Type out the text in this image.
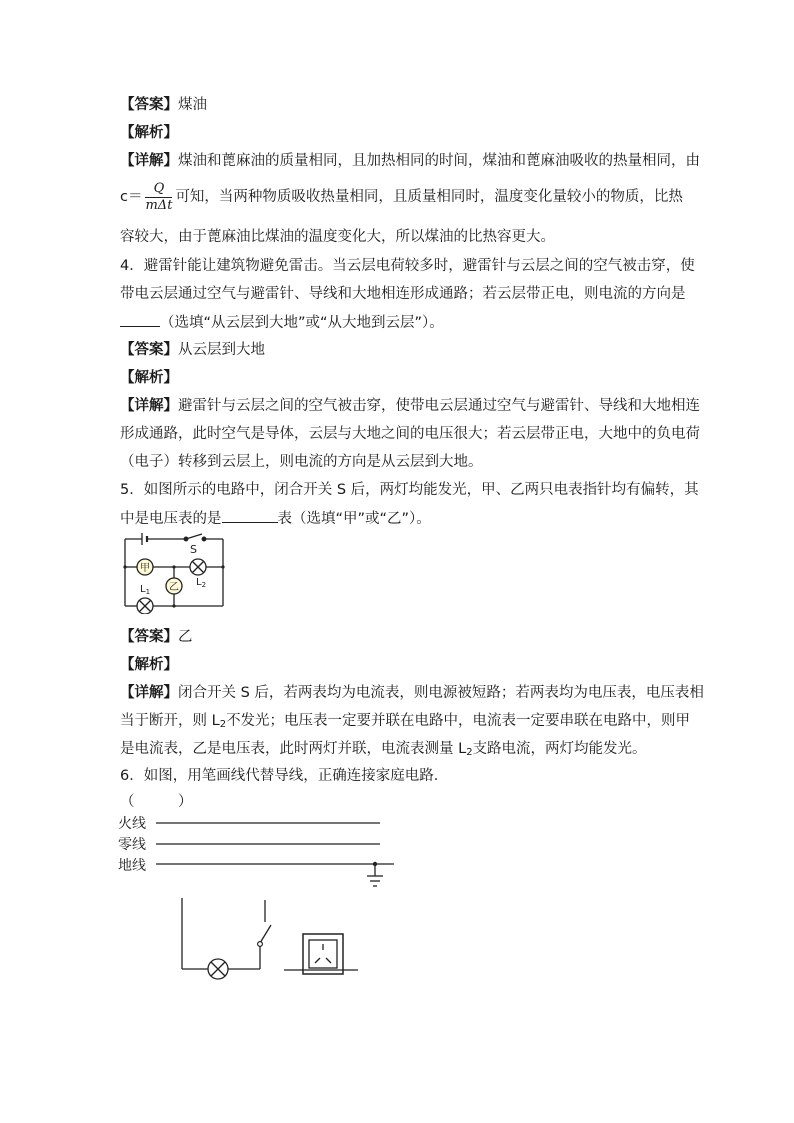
【答案】煤油
【解析】
【详解】煤油和蓖麻油的质量相同，且加热相同的时间，煤油和蓖麻油吸收的热量相同，由
$c= \frac{Q}{\text{mΔt}}$ 可知，当两种物质吸收热量相同，且质量相同时，温度变化量较小的物质，比热
容较大，由于蓖麻油比煤油的温度变化大，所以煤油的比热容更大。
4．避雷针能让建筑物避免雷击。当云层电荷较多时，避雷针与云层之间的空气被击穿，使
带电云层通过空气与避雷针、导线和大地相连形成通路；若云层带正电，则电流的方向是
（选填“从云层到大地”或“从大地到云层”）。
【答案】从云层到大地
【解析】
【详解】避雷针与云层之间的空气被击穿，使带电云层通过空气与避雷针、导线和大地相连
形成通路，此时空气是导体，云层与大地之间的电压很大；若云层带正电，大地中的负电荷
（电子）转移到云层上，则电流的方向是从云层到大地。
5．如图所示的电路中，闭合开关 S 后，两灯均能发光，甲、乙两只电表指针均有偏转，其
中是电压表的是	表（选填“甲”或“乙”）。
S
甲
乙
$L_1$
$L_2$
【答案】乙
【解析】
【详解】闭合开关 S 后，若两表均为电流表，则电源被短路；若两表均为电压表，电压表相
当于断开，则 $L_2$不发光；电压表一定要并联在电路中，电流表一定要串联在电路中，则甲
是电流表，乙是电压表，此时两灯并联，电流表测量 $L_2$支路电流，两灯均能发光。
6．如图，用笔画线代替导线，正确连接家庭电路．
（　　　）
火线
零线
地线
